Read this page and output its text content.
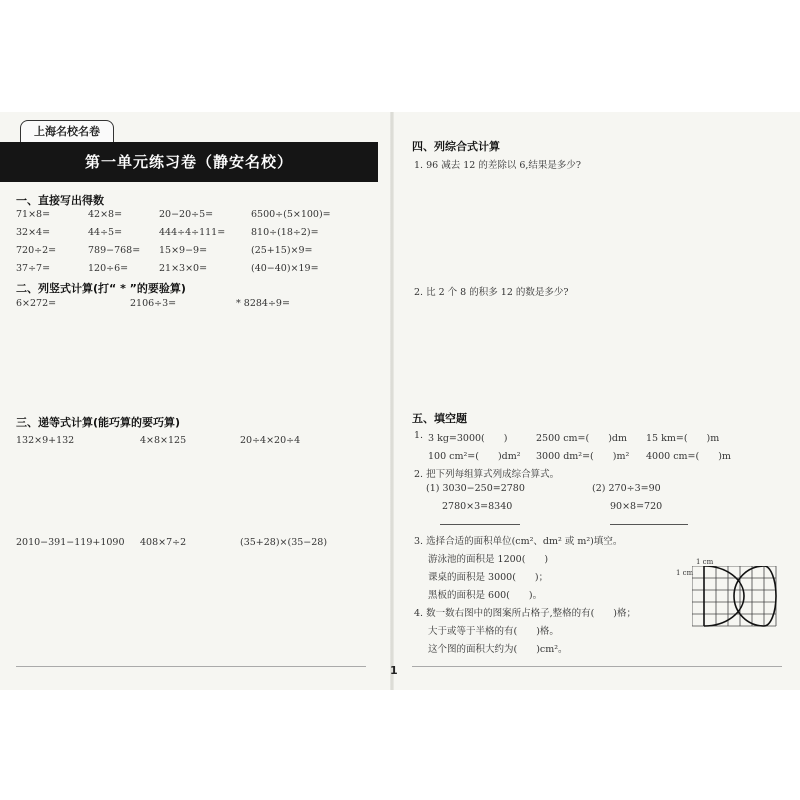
上海名校名卷
第一单元练习卷（静安名校）
一、直接写出得数
71×8=	42×8=	20−20÷5=	6500÷(5×100)=
32×4=	44÷5=	444÷4÷111=	810÷(18÷2)=
720÷2=	789−768= 15×9−9=	(25+15)×9=
37÷7=	120÷6=	21×3×0=	(40−40)×19=
二、列竖式计算(打“ * ”的要验算)
6×272=	2106÷3=	* 8284÷9=
三、递等式计算(能巧算的要巧算)
132×9+132	4×8×125	20÷4×20÷4
2010−391−119+1090 408×7÷2	(35+28)×(35−28)
1
四、列综合式计算
1. 96 减去 12 的差除以 6,结果是多少?
2. 比 2 个 8 的积多 12 的数是多少?
五、填空题
1. 3 kg=3000(　　)	2500 cm=(　　)dm 15 km=(　　)m
100 cm²=(　　)dm² 3000 dm²=(　　)m² 4000 cm=(　　)m
2. 把下列每组算式列成综合算式。
(1) 3030−250=2780
2780×3=8340
(2) 270÷3=90
90×8=720
3. 选择合适的面积单位(cm²、dm² 或 m²)填空。
游泳池的面积是 1200(　　)
课桌的面积是 3000(　　)；
黑板的面积是 600(　　)。
4. 数一数右图中的图案所占格子,整格的有(　　)格；
大于或等于半格的有(　　)格。
这个图的面积大约为(　　)cm²。
1 cm
1 cm
